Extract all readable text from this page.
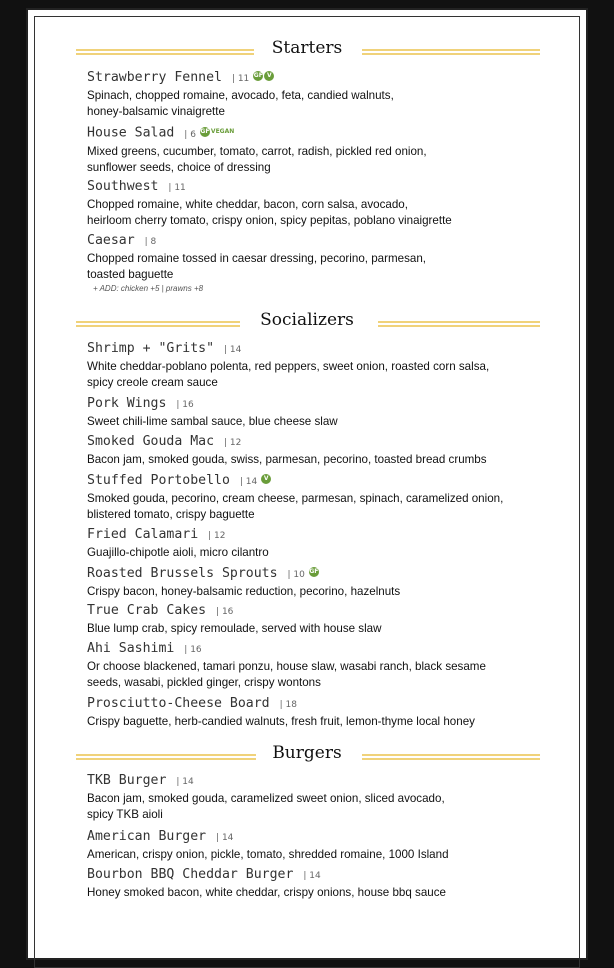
Starters
Strawberry Fennel | 11 GF V
Spinach, chopped romaine, avocado, feta, candied walnuts,
honey-balsamic vinaigrette
House Salad | 6 GFVEGAN
Mixed greens, cucumber, tomato, carrot, radish, pickled red onion,
sunflower seeds, choice of dressing
Southwest | 11
Chopped romaine, white cheddar, bacon, corn salsa, avocado,
heirloom cherry tomato, crispy onion, spicy pepitas, poblano vinaigrette
Caesar | 8
Chopped romaine tossed in caesar dressing, pecorino, parmesan,
toasted baguette
+ ADD: chicken +5 | prawns +8
Socializers
Shrimp + "Grits" | 14
White cheddar-poblano polenta, red peppers, sweet onion, roasted corn salsa,
spicy creole cream sauce
Pork Wings | 16
Sweet chili-lime sambal sauce, blue cheese slaw
Smoked Gouda Mac | 12
Bacon jam, smoked gouda, swiss, parmesan, pecorino, toasted bread crumbs
Stuffed Portobello | 14 V
Smoked gouda, pecorino, cream cheese, parmesan, spinach, caramelized onion,
blistered tomato, crispy baguette
Fried Calamari | 12
Guajillo-chipotle aioli, micro cilantro
Roasted Brussels Sprouts | 10 GF
Crispy bacon, honey-balsamic reduction, pecorino, hazelnuts
True Crab Cakes | 16
Blue lump crab, spicy remoulade, served with house slaw
Ahi Sashimi | 16
Or choose blackened, tamari ponzu, house slaw, wasabi ranch, black sesame
seeds, wasabi, pickled ginger, crispy wontons
Prosciutto-Cheese Board | 18
Crispy baguette, herb-candied walnuts, fresh fruit, lemon-thyme local honey
Burgers
TKB Burger | 14
Bacon jam, smoked gouda, caramelized sweet onion, sliced avocado,
spicy TKB aioli
American Burger | 14
American, crispy onion, pickle, tomato, shredded romaine, 1000 Island
Bourbon BBQ Cheddar Burger | 14
Honey smoked bacon, white cheddar, crispy onions, house bbq sauce
